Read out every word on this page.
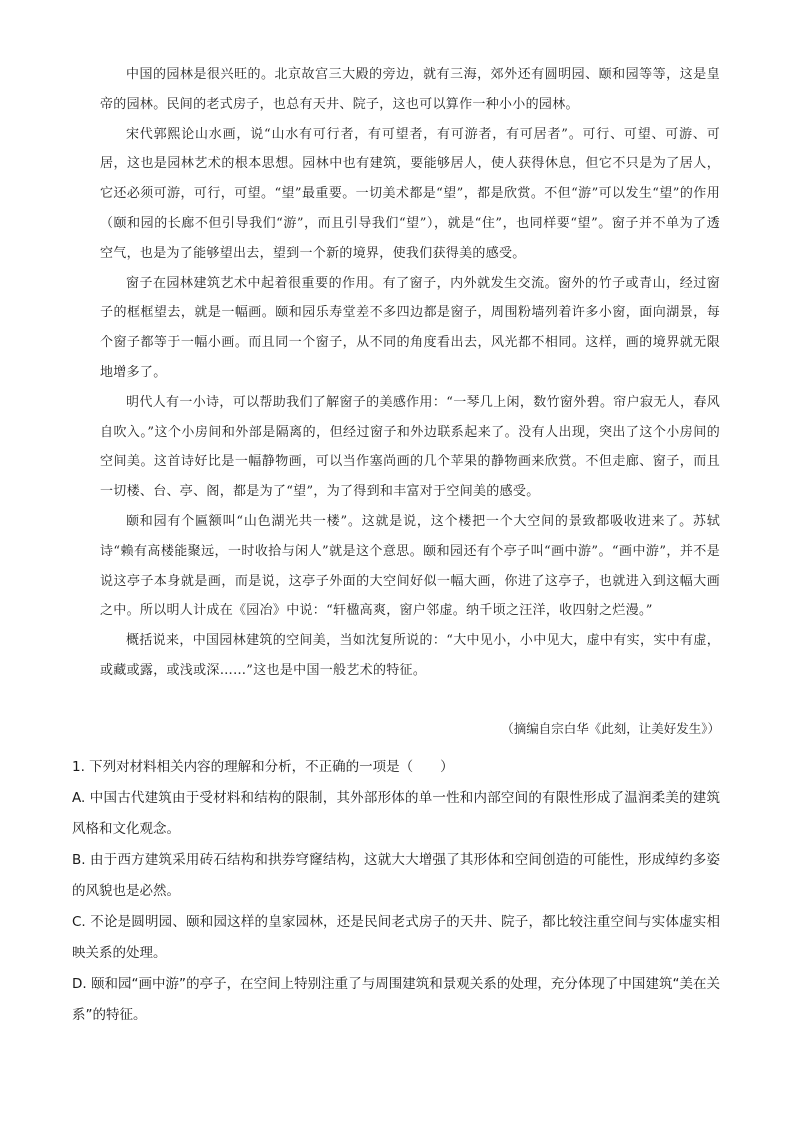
中国的园林是很兴旺的。北京故宫三大殿的旁边，就有三海，郊外还有圆明园、颐和园等等，这是皇帝的园林。民间的老式房子，也总有天井、院子，这也可以算作一种小小的园林。

宋代郭熙论山水画，说“山水有可行者，有可望者，有可游者，有可居者”。可行、可望、可游、可居，这也是园林艺术的根本思想。园林中也有建筑，要能够居人，使人获得休息，但它不只是为了居人，它还必须可游，可行，可望。“望”最重要。一切美术都是“望”，都是欣赏。不但“游”可以发生“望”的作用（颐和园的长廊不但引导我们“游”，而且引导我们“望”），就是“住”，也同样要“望”。窗子并不单为了透空气，也是为了能够望出去，望到一个新的境界，使我们获得美的感受。

窗子在园林建筑艺术中起着很重要的作用。有了窗子，内外就发生交流。窗外的竹子或青山，经过窗子的框框望去，就是一幅画。颐和园乐寿堂差不多四边都是窗子，周围粉墙列着许多小窗，面向湖景，每个窗子都等于一幅小画。而且同一个窗子，从不同的角度看出去，风光都不相同。这样，画的境界就无限地增多了。

明代人有一小诗，可以帮助我们了解窗子的美感作用：“一琴几上闲，数竹窗外碧。帘户寂无人，春风自吹入。”这个小房间和外部是隔离的，但经过窗子和外边联系起来了。没有人出现，突出了这个小房间的空间美。这首诗好比是一幅静物画，可以当作塞尚画的几个苹果的静物画来欣赏。不但走廊、窗子，而且一切楼、台、亭、阁，都是为了“望”，为了得到和丰富对于空间美的感受。

颐和园有个匾额叫“山色湖光共一楼”。这就是说，这个楼把一个大空间的景致都吸收进来了。苏轼诗“赖有高楼能聚远，一时收拾与闲人”就是这个意思。颐和园还有个亭子叫“画中游”。“画中游”，并不是说这亭子本身就是画，而是说，这亭子外面的大空间好似一幅大画，你进了这亭子，也就进入到这幅大画之中。所以明人计成在《园冶》中说：“轩楹高爽，窗户邻虚。纳千顷之汪洋，收四射之烂漫。”

概括说来，中国园林建筑的空间美，当如沈复所说的：“大中见小，小中见大，虚中有实，实中有虚，或藏或露，或浅或深……”这也是中国一般艺术的特征。

（摘编自宗白华《此刻，让美好发生》）

1. 下列对材料相关内容的理解和分析，不正确的一项是（　　）

A. 中国古代建筑由于受材料和结构的限制，其外部形体的单一性和内部空间的有限性形成了温润柔美的建筑风格和文化观念。

B. 由于西方建筑采用砖石结构和拱券穹窿结构，这就大大增强了其形体和空间创造的可能性，形成绰约多姿的风貌也是必然。

C. 不论是圆明园、颐和园这样的皇家园林，还是民间老式房子的天井、院子，都比较注重空间与实体虚实相映关系的处理。

D. 颐和园“画中游”的亭子，在空间上特别注重了与周围建筑和景观关系的处理，充分体现了中国建筑“美在关系”的特征。
